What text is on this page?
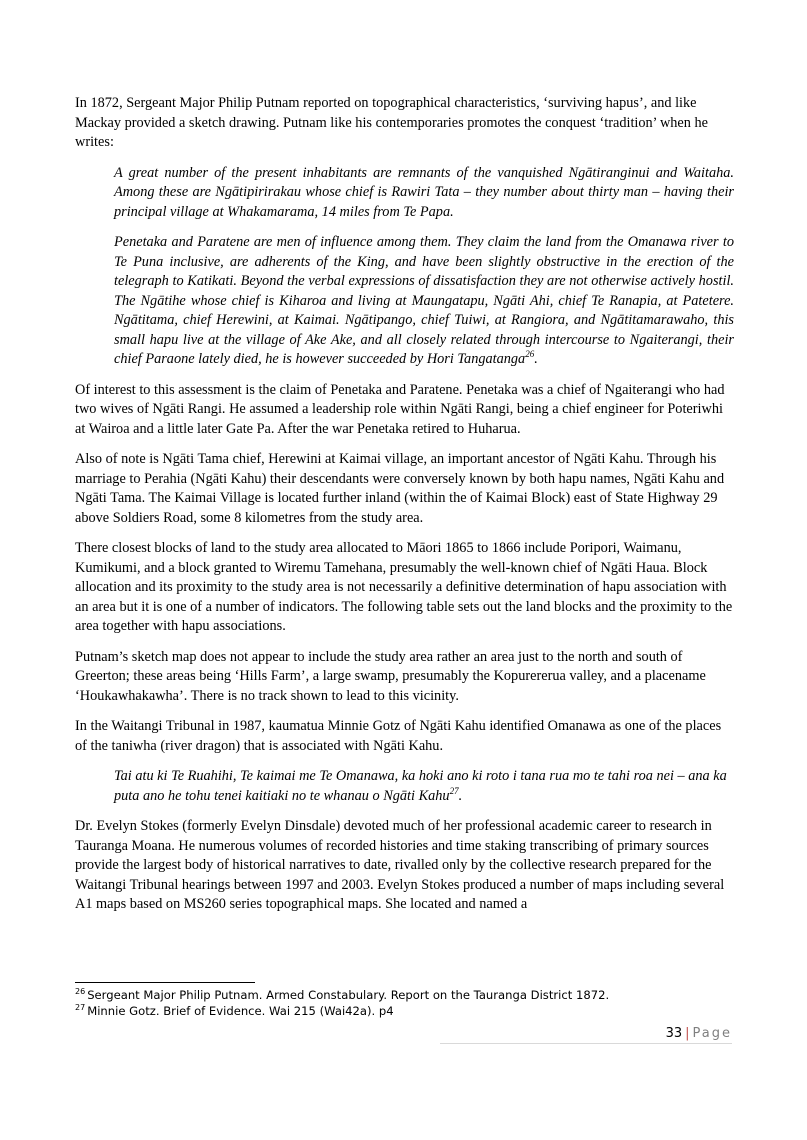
In 1872, Sergeant Major Philip Putnam reported on topographical characteristics, ‘surviving hapus’, and like Mackay provided a sketch drawing. Putnam like his contemporaries promotes the conquest ‘tradition’ when he writes:

A great number of the present inhabitants are remnants of the vanquished Ngātiranginui and Waitaha. Among these are Ngātipirirakau whose chief is Rawiri Tata – they number about thirty man – having their principal village at Whakamarama, 14 miles from Te Papa.

Penetaka and Paratene are men of influence among them. They claim the land from the Omanawa river to Te Puna inclusive, are adherents of the King, and have been slightly obstructive in the erection of the telegraph to Katikati. Beyond the verbal expressions of dissatisfaction they are not otherwise actively hostil. The Ngātihe whose chief is Kiharoa and living at Maungatapu, Ngāti Ahi, chief Te Ranapia, at Patetere. Ngātitama, chief Herewini, at Kaimai. Ngātipango, chief Tuiwi, at Rangiora, and Ngātitamarawaho, this small hapu live at the village of Ake Ake, and all closely related through intercourse to Ngaiterangi, their chief Paraone lately died, he is however succeeded by Hori Tangatanga$^{26}$.

Of interest to this assessment is the claim of Penetaka and Paratene. Penetaka was a chief of Ngaiterangi who had two wives of Ngāti Rangi. He assumed a leadership role within Ngāti Rangi, being a chief engineer for Poteriwhi at Wairoa and a little later Gate Pa. After the war Penetaka retired to Huharua.

Also of note is Ngāti Tama chief, Herewini at Kaimai village, an important ancestor of Ngāti Kahu. Through his marriage to Perahia (Ngāti Kahu) their descendants were conversely known by both hapu names, Ngāti Kahu and Ngāti Tama. The Kaimai Village is located further inland (within the of Kaimai Block) east of State Highway 29 above Soldiers Road, some 8 kilometres from the study area.

There closest blocks of land to the study area allocated to Māori 1865 to 1866 include Poripori, Waimanu, Kumikumi, and a block granted to Wiremu Tamehana, presumably the well-known chief of Ngāti Haua. Block allocation and its proximity to the study area is not necessarily a definitive determination of hapu association with an area but it is one of a number of indicators. The following table sets out the land blocks and the proximity to the area together with hapu associations.

Putnam’s sketch map does not appear to include the study area rather an area just to the north and south of Greerton; these areas being ‘Hills Farm’, a large swamp, presumably the Kopurererua valley, and a placename ‘Houkawhakawha’. There is no track shown to lead to this vicinity.

In the Waitangi Tribunal in 1987, kaumatua Minnie Gotz of Ngāti Kahu identified Omanawa as one of the places of the taniwha (river dragon) that is associated with Ngāti Kahu.

Tai atu ki Te Ruahihi, Te kaimai me Te Omanawa, ka hoki ano ki roto i tana rua mo te tahi roa nei – ana ka puta ano he tohu tenei kaitiaki no te whanau o Ngāti Kahu$^{27}$.

Dr. Evelyn Stokes (formerly Evelyn Dinsdale) devoted much of her professional academic career to research in Tauranga Moana. He numerous volumes of recorded histories and time staking transcribing of primary sources provide the largest body of historical narratives to date, rivalled only by the collective research prepared for the Waitangi Tribunal hearings between 1997 and 2003. Evelyn Stokes produced a number of maps including several A1 maps based on MS260 series topographical maps. She located and named a

$^{26}$ Sergeant Major Philip Putnam. Armed Constabulary. Report on the Tauranga District 1872.
$^{27}$ Minnie Gotz. Brief of Evidence. Wai 215 (Wai42a). p4
33 | Page
